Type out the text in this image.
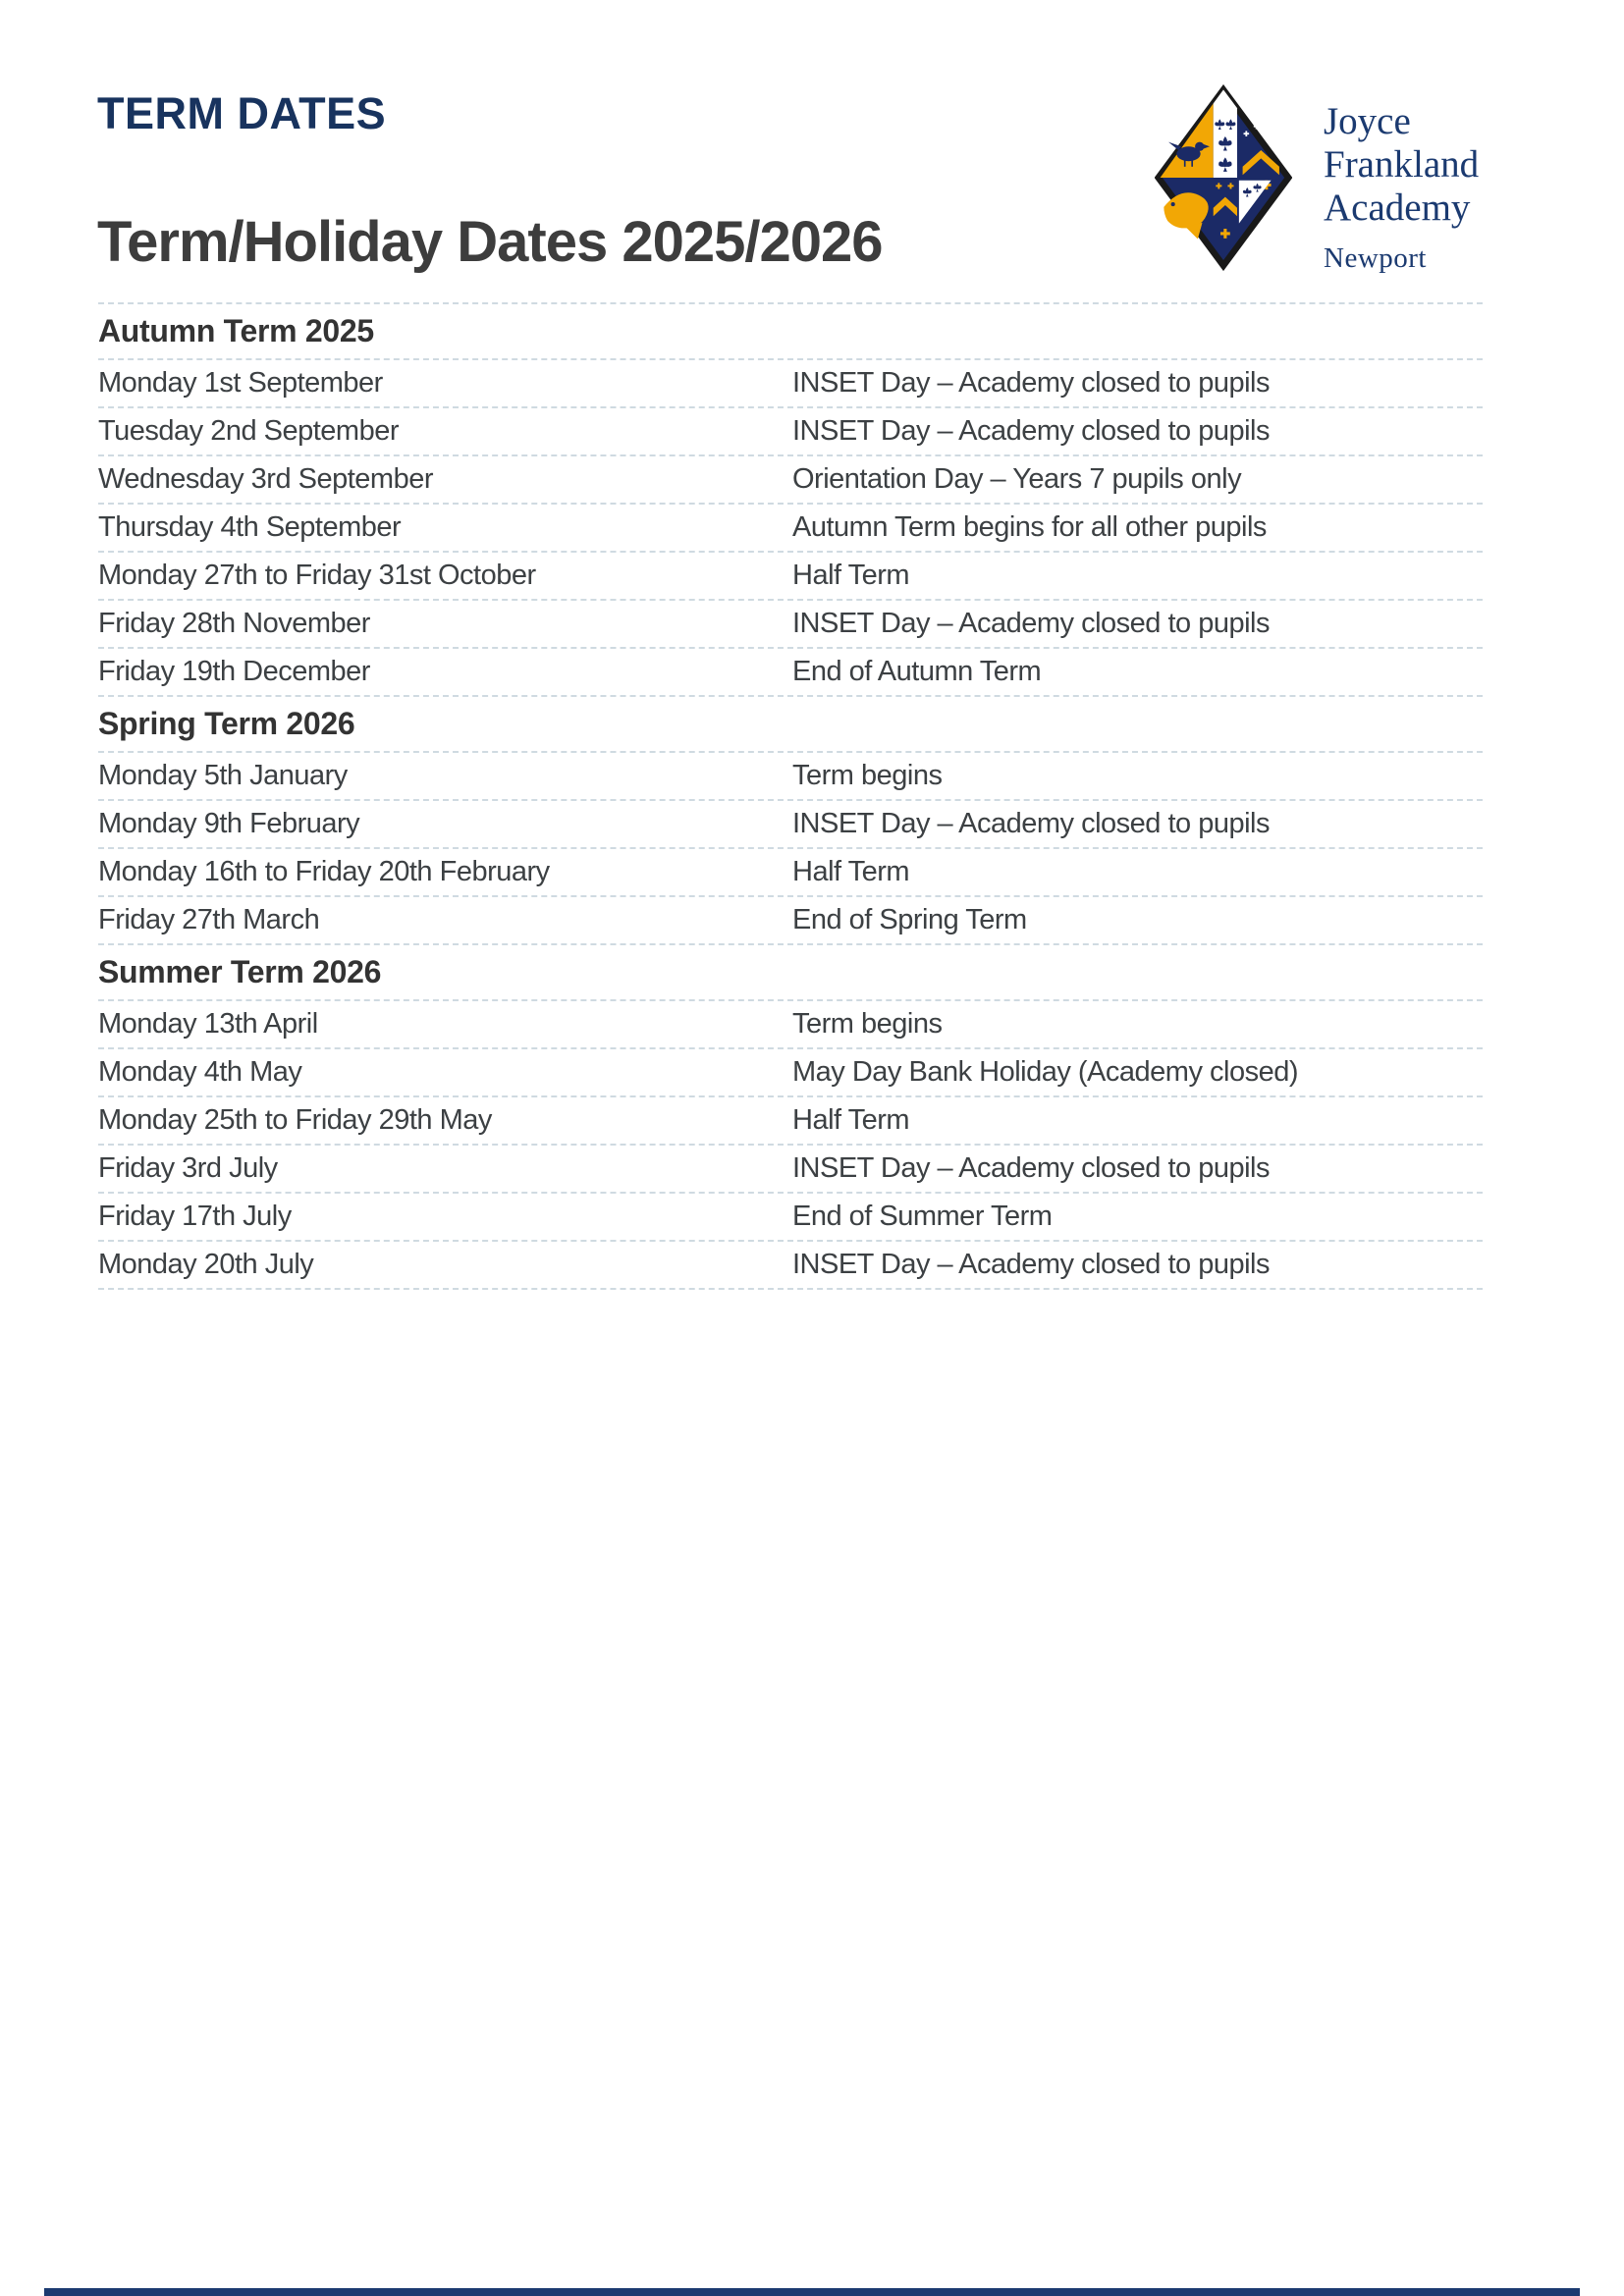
TERM DATES	Joyce
Frankland
Academy
Newport
Term/Holiday Dates 2025/2026
Autumn Term 2025
Monday 1st September	INSET Day – Academy closed to pupils
Tuesday 2nd September	INSET Day – Academy closed to pupils
Wednesday 3rd September	Orientation Day – Years 7 pupils only
Thursday 4th September	Autumn Term begins for all other pupils
Monday 27th to Friday 31st October	Half Term
Friday 28th November	INSET Day – Academy closed to pupils
Friday 19th December	End of Autumn Term
Spring Term 2026
Monday 5th January	Term begins
Monday 9th February	INSET Day – Academy closed to pupils
Monday 16th to Friday 20th February	Half Term
Friday 27th March	End of Spring Term
Summer Term 2026
Monday 13th April	Term begins
Monday 4th May	May Day Bank Holiday (Academy closed)
Monday 25th to Friday 29th May	Half Term
Friday 3rd July	INSET Day – Academy closed to pupils
Friday 17th July	End of Summer Term
Monday 20th July	INSET Day – Academy closed to pupils
